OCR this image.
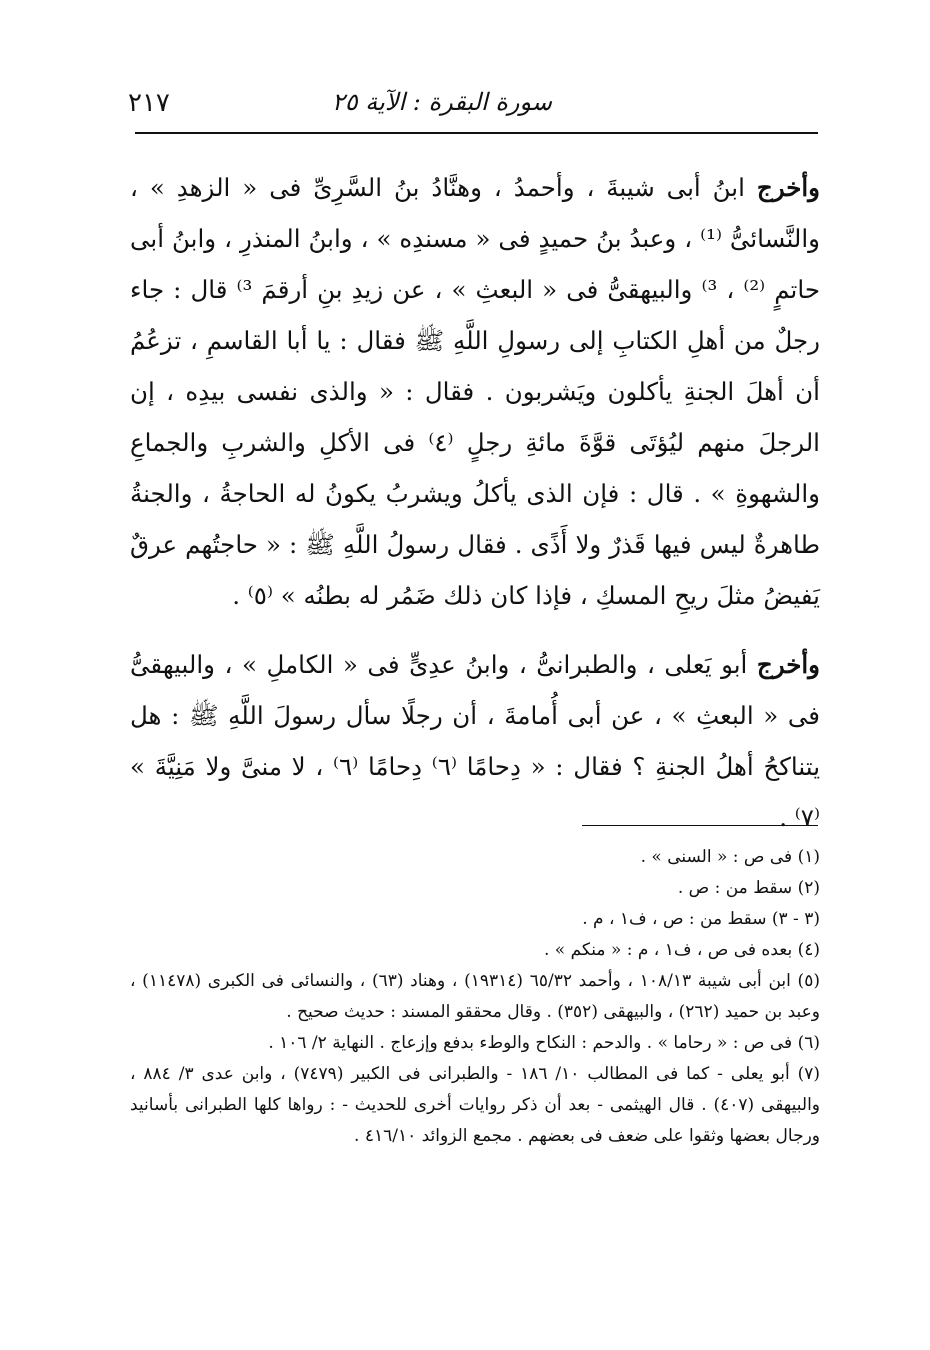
٢١٧	سورة البقرة : الآية ٢٥

وأخرج ابنُ أبى شيبةَ ، وأحمدُ ، وهنَّادُ بنُ السَّرِىِّ فى « الزهدِ » ، والنَّسائىُّ ⁽¹⁾ ، وعبدُ بنُ حميدٍ فى « مسندِه » ، وابنُ المنذرِ ، وابنُ أبى حاتمٍ ⁽²⁾ ، ³⁾ والبيهقىُّ فى « البعثِ » ، عن زيدِ بنِ أرقمَ ³⁾ قال : جاء رجلٌ من أهلِ الكتابِ إلى رسولِ اللَّهِ ﷺ فقال : يا أبا القاسمِ ، تزعُمُ أن أهلَ الجنةِ يأكلون ويَشربون . فقال : « والذى نفسى بيدِه ، إن الرجلَ منهم ليُؤتَى قوَّةَ مائةِ رجلٍ ⁽٤⁾ فى الأكلِ والشربِ والجماعِ والشهوةِ » . قال : فإن الذى يأكلُ ويشربُ يكونُ له الحاجةُ ، والجنةُ طاهرةٌ ليس فيها قَذرٌ ولا أَذًى . فقال رسولُ اللَّهِ ﷺ : « حاجتُهم عرقٌ يَفيضُ مثلَ ريحِ المسكِ ، فإذا كان ذلك ضَمُر له بطنُه » ⁽٥⁾ .

وأخرج أبو يَعلى ، والطبرانىُّ ، وابنُ عدِىٍّ فى « الكاملِ » ، والبيهقىُّ فى « البعثِ » ، عن أبى أُمامةَ ، أن رجلًا سأل رسولَ اللَّهِ ﷺ : هل يتناكحُ أهلُ الجنةِ ؟ فقال : « دِحامًا ⁽٦⁾ دِحامًا ⁽٦⁾ ، لا منىَّ ولا مَنِيَّةَ » ⁽٧⁾ .

(١) فى ص : « السنى » .

(٢) سقط من : ص .

(٣ - ٣) سقط من : ص ، ف١ ، م .

(٤) بعده فى ص ، ف١ ، م : « منكم » .

(٥) ابن أبى شيبة ١٠٨/١٣ ، وأحمد ٦٥/٣٢ (١٩٣١٤) ، وهناد (٦٣) ، والنسائى فى الكبرى (١١٤٧٨) ، وعبد بن حميد (٢٦٢) ، والبيهقى (٣٥٢) . وقال محققو المسند : حديث صحيح .

(٦) فى ص : « رحاما » . والدحم : النكاح والوطء بدفع وإزعاج . النهاية ٢/ ١٠٦ .

(٧) أبو يعلى - كما فى المطالب ١٠/ ١٨٦ - والطبرانى فى الكبير (٧٤٧٩) ، وابن عدى ٣/ ٨٨٤ ، والبيهقى (٤٠٧) . قال الهيثمى - بعد أن ذكر روايات أخرى للحديث - : رواها كلها الطبرانى بأسانيد ورجال بعضها وثقوا على ضعف فى بعضهم . مجمع الزوائد ٤١٦/١٠ .
